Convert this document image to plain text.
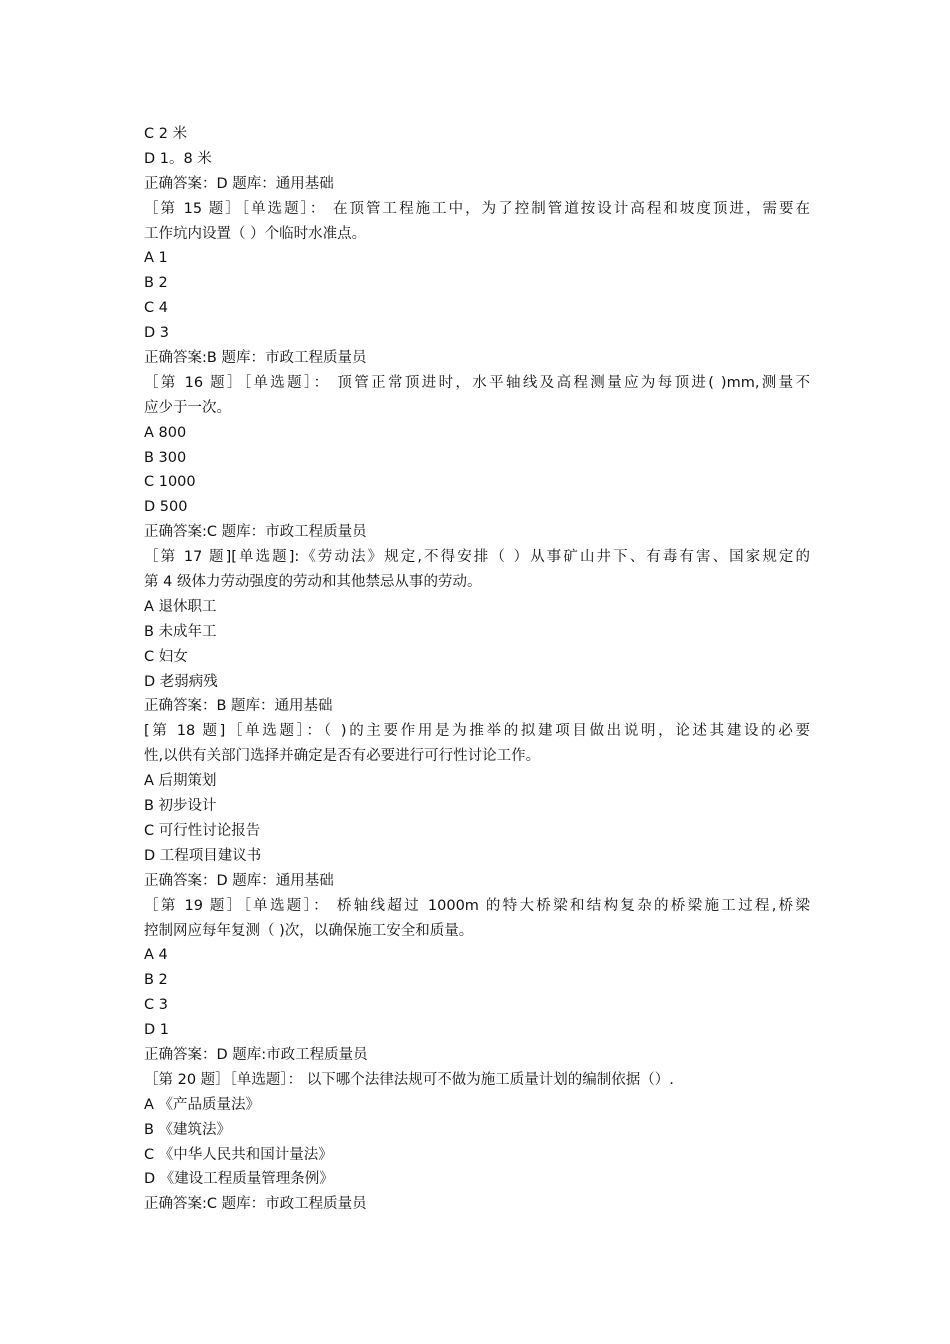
C 2 米
D 1。8 米
正确答案：D 题库：通用基础
［第 15 题］［单选题］： 在顶管工程施工中，为了控制管道按设计高程和坡度顶进，需要在
工作坑内设置（ ）个临时水准点。
A 1
B 2
C 4
D 3
正确答案:B 题库：市政工程质量员
［第 16 题］［单选题］： 顶管正常顶进时，水平轴线及高程测量应为每顶进( )mm,测量不
应少于一次。
A 800
B 300
C 1000
D 500
正确答案:C 题库：市政工程质量员
［第 17 题][单选题]:《劳动法》规定,不得安排（ ）从事矿山井下、有毒有害、国家规定的
第 4 级体力劳动强度的劳动和其他禁忌从事的劳动。
A 退休职工
B 未成年工
C 妇女
D 老弱病残
正确答案：B 题库：通用基础
[第 18 题]［单选题］：（ )的主要作用是为推举的拟建项目做出说明，论述其建设的必要
性,以供有关部门选择并确定是否有必要进行可行性讨论工作。
A 后期策划
B 初步设计
C 可行性讨论报告
D 工程项目建议书
正确答案：D 题库：通用基础
［第 19 题］［单选题］： 桥轴线超过 1000m 的特大桥梁和结构复杂的桥梁施工过程,桥梁
控制网应每年复测（ )次，以确保施工安全和质量。
A 4
B 2
C 3
D 1
正确答案：D 题库:市政工程质量员
［第 20 题］［单选题］： 以下哪个法律法规可不做为施工质量计划的编制依据（）.
A 《产品质量法》
B 《建筑法》
C 《中华人民共和国计量法》
D 《建设工程质量管理条例》
正确答案:C 题库：市政工程质量员
